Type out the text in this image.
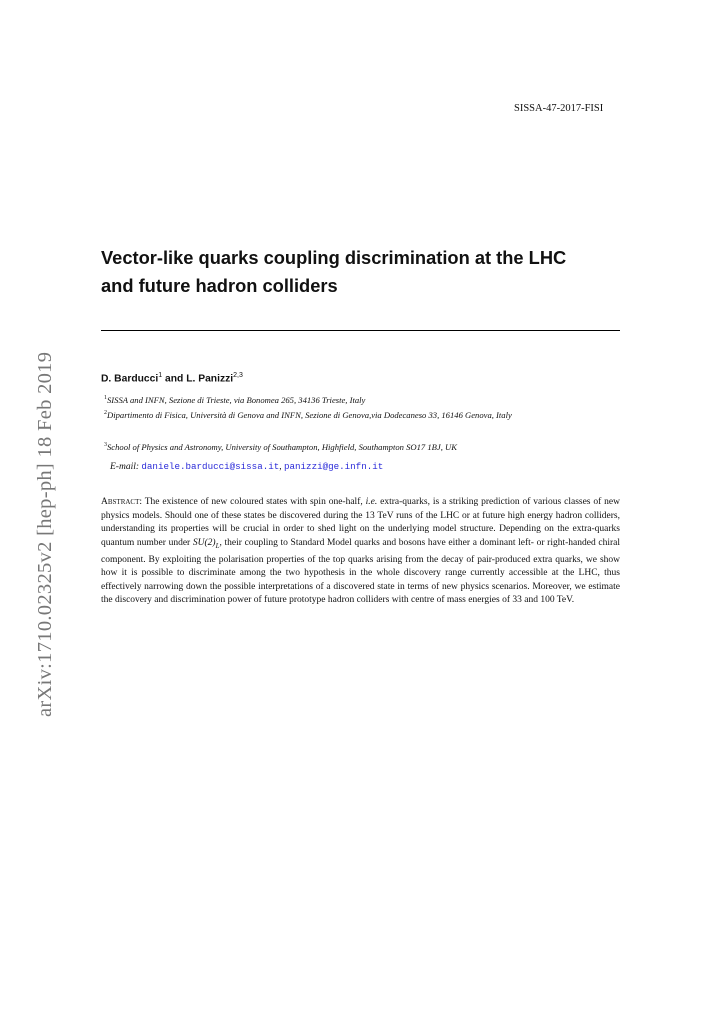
SISSA-47-2017-FISI
arXiv:1710.02325v2 [hep-ph] 18 Feb 2019
Vector-like quarks coupling discrimination at the LHC
and future hadron colliders
D. Barducci$^1$ and L. Panizzi$^{2,3}$
$^1$SISSA and INFN, Sezione di Trieste, via Bonomea 265, 34136 Trieste, Italy
$^2$Dipartimento di Fisica, Università di Genova and INFN, Sezione di Genova,via Dodecaneso 33, 16146 Genova, Italy
$^3$School of Physics and Astronomy, University of Southampton, Highfield, Southampton SO17 1BJ, UK
E-mail: daniele.barducci@sissa.it, panizzi@ge.infn.it

Abstract: The existence of new coloured states with spin one-half, i.e. extra-quarks, is a striking prediction of various classes of new physics models. Should one of these states be discovered during the 13 TeV runs of the LHC or at future high energy hadron colliders, understanding its properties will be crucial in order to shed light on the underlying model structure. Depending on the extra-quarks quantum number under $SU(2)_L$, their coupling to Standard Model quarks and bosons have either a dominant left- or right-handed chiral component. By exploiting the polarisation properties of the top quarks arising from the decay of pair-produced extra quarks, we show how it is possible to discriminate among the two hypothesis in the whole discovery range currently accessible at the LHC, thus effectively narrowing down the possible interpretations of a discovered state in terms of new physics scenarios. Moreover, we estimate the discovery and discrimination power of future prototype hadron colliders with centre of mass energies of 33 and 100 TeV.
